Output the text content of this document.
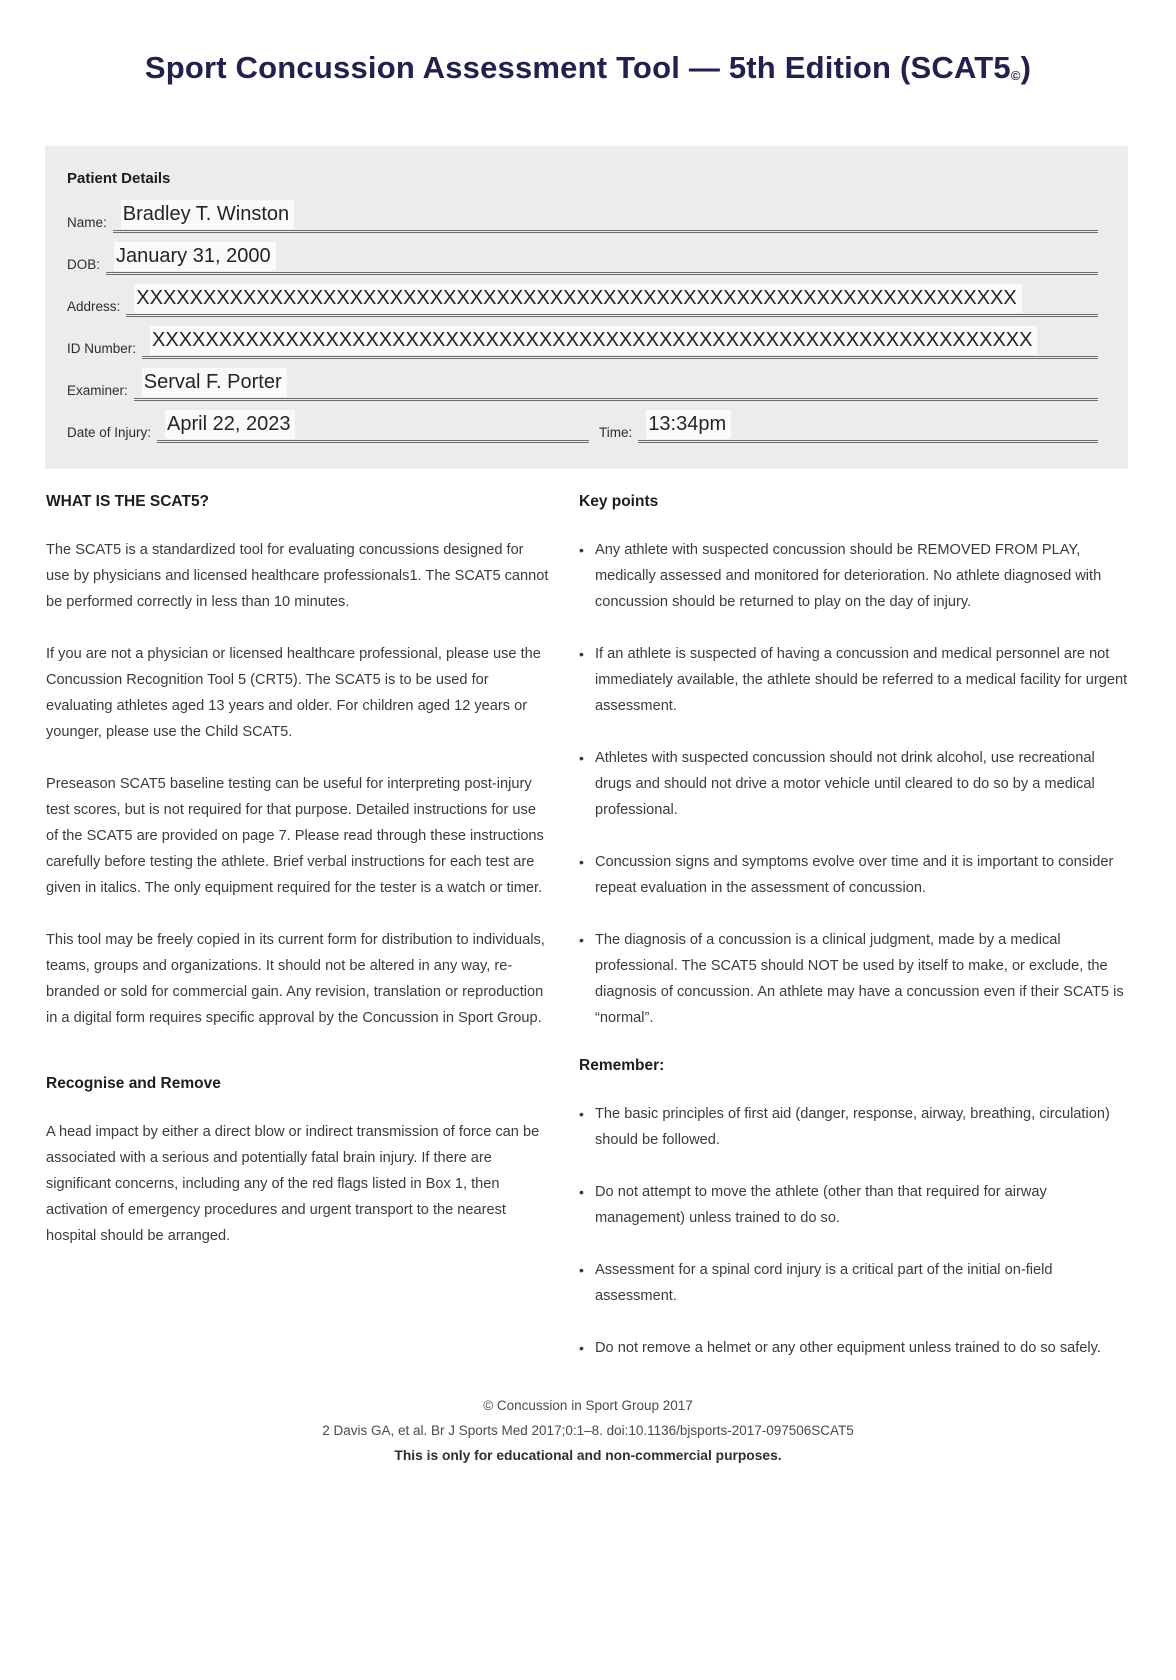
Sport Concussion Assessment Tool — 5th Edition $(SCAT5_©)$
Patient Details
Name: Bradley T. Winston
DOB: January 31, 2000
Address: XXXXXXXXXXXXXXXXXXXXXXXXXXXXXXXXXXXXXXXXXXXXXXXXXXXXXXXXXXXXXXXXXX
ID Number: XXXXXXXXXXXXXXXXXXXXXXXXXXXXXXXXXXXXXXXXXXXXXXXXXXXXXXXXXXXXXXXXXX
Examiner: Serval F. Porter
Date of Injury: April 22, 2023	Time: 13:34pm
WHAT IS THE SCAT5?

The SCAT5 is a standardized tool for evaluating concussions designed for use by physicians and licensed healthcare professionals1. The SCAT5 cannot be performed correctly in less than 10 minutes.

If you are not a physician or licensed healthcare professional, please use the Concussion Recognition Tool 5 (CRT5). The SCAT5 is to be used for evaluating athletes aged 13 years and older. For children aged 12 years or younger, please use the Child SCAT5.

Preseason SCAT5 baseline testing can be useful for interpreting post-injury test scores, but is not required for that purpose. Detailed instructions for use of the SCAT5 are provided on page 7. Please read through these instructions carefully before testing the athlete. Brief verbal instructions for each test are given in italics. The only equipment required for the tester is a watch or timer.

This tool may be freely copied in its current form for distribution to individuals, teams, groups and organizations. It should not be altered in any way, re-branded or sold for commercial gain. Any revision, translation or reproduction in a digital form requires specific approval by the Concussion in Sport Group.

Recognise and Remove

A head impact by either a direct blow or indirect transmission of force can be associated with a serious and potentially fatal brain injury. If there are significant concerns, including any of the red flags listed in Box 1, then activation of emergency procedures and urgent transport to the nearest hospital should be arranged.

Key points
• Any athlete with suspected concussion should be REMOVED FROM PLAY, medically assessed and monitored for deterioration. No athlete diagnosed with concussion should be returned to play on the day of injury.
• If an athlete is suspected of having a concussion and medical personnel are not immediately available, the athlete should be referred to a medical facility for urgent assessment.
• Athletes with suspected concussion should not drink alcohol, use recreational drugs and should not drive a motor vehicle until cleared to do so by a medical professional.
• Concussion signs and symptoms evolve over time and it is important to consider repeat evaluation in the assessment of concussion.
• The diagnosis of a concussion is a clinical judgment, made by a medical professional. The SCAT5 should NOT be used by itself to make, or exclude, the diagnosis of concussion. An athlete may have a concussion even if their SCAT5 is “normal”.
Remember:
• The basic principles of first aid (danger, response, airway, breathing, circulation) should be followed.
• Do not attempt to move the athlete (other than that required for airway management) unless trained to do so.
• Assessment for a spinal cord injury is a critical part of the initial on-field assessment.
• Do not remove a helmet or any other equipment unless trained to do so safely.
© Concussion in Sport Group 2017
2 Davis GA, et al. Br J Sports Med 2017;0:1–8. doi:10.1136/bjsports-2017-097506SCAT5
This is only for educational and non-commercial purposes.
